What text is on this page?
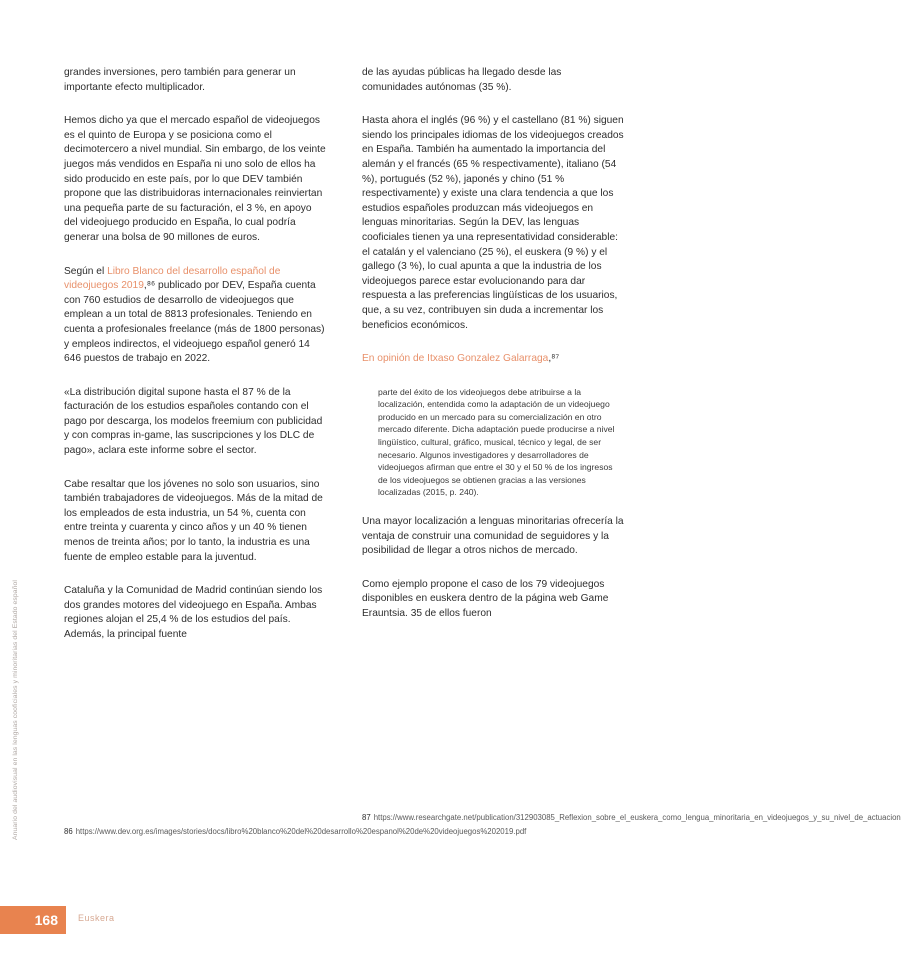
Anuario del audiovisual en las lenguas cooficiales y minoritarias del Estado español

grandes inversiones, pero también para generar un importante efecto multiplicador.

Hemos dicho ya que el mercado español de videojuegos es el quinto de Europa y se posiciona como el decimotercero a nivel mundial. Sin embargo, de los veinte juegos más vendidos en España ni uno solo de ellos ha sido producido en este país, por lo que DEV también propone que las distribuidoras internacionales reinviertan una pequeña parte de su facturación, el 3 %, en apoyo del videojuego producido en España, lo cual podría generar una bolsa de 90 millones de euros.

Según el Libro Blanco del desarrollo español de videojuegos 2019,⁸⁶ publicado por DEV, España cuenta con 760 estudios de desarrollo de videojuegos que emplean a un total de 8813 profesionales. Teniendo en cuenta a profesionales freelance (más de 1800 personas) y empleos indirectos, el videojuego español generó 14 646 puestos de trabajo en 2022.

«La distribución digital supone hasta el 87 % de la facturación de los estudios españoles contando con el pago por descarga, los modelos freemium con publicidad y con compras in-game, las suscripciones y los DLC de pago», aclara este informe sobre el sector.

Cabe resaltar que los jóvenes no solo son usuarios, sino también trabajadores de videojuegos. Más de la mitad de los empleados de esta industria, un 54 %, cuenta con entre treinta y cuarenta y cinco años y un 40 % tienen menos de treinta años; por lo tanto, la industria es una fuente de empleo estable para la juventud.

Cataluña y la Comunidad de Madrid continúan siendo los dos grandes motores del videojuego en España. Ambas regiones alojan el 25,4 % de los estudios del país. Además, la principal fuente

de las ayudas públicas ha llegado desde las comunidades autónomas (35 %).

Hasta ahora el inglés (96 %) y el castellano (81 %) siguen siendo los principales idiomas de los videojuegos creados en España. También ha aumentado la importancia del alemán y el francés (65 % respectivamente), italiano (54 %), portugués (52 %), japonés y chino (51 % respectivamente) y existe una clara tendencia a que los estudios españoles produzcan más videojuegos en lenguas minoritarias. Según la DEV, las lenguas cooficiales tienen ya una representatividad considerable: el catalán y el valenciano (25 %), el euskera (9 %) y el gallego (3 %), lo cual apunta a que la industria de los videojuegos parece estar evolucionando para dar respuesta a las preferencias lingüísticas de los usuarios, que, a su vez, contribuyen sin duda a incrementar los beneficios económicos.

En opinión de Itxaso Gonzalez Galarraga,⁸⁷

parte del éxito de los videojuegos debe atribuirse a la localización, entendida como la adaptación de un videojuego producido en un mercado para su comercialización en otro mercado diferente. Dicha adaptación puede producirse a nivel lingüístico, cultural, gráfico, musical, técnico y legal, de ser necesario. Algunos investigadores y desarrolladores de videojuegos afirman que entre el 30 y el 50 % de los ingresos de los videojuegos se obtienen gracias a las versiones localizadas (2015, p. 240).

Una mayor localización a lenguas minoritarias ofrecería la ventaja de construir una comunidad de seguidores y la posibilidad de llegar a otros nichos de mercado.

Como ejemplo propone el caso de los 79 videojuegos disponibles en euskera dentro de la página web Game Erauntsia. 35 de ellos fueron

86 https://www.dev.org.es/images/stories/docs/libro%20blanco%20del%20desarrollo%20espanol%20de%20videojuegos%202019.pdf
87 https://www.researchgate.net/publication/312903085_Reflexion_sobre_el_euskera_como_lengua_minoritaria_en_videojuegos_y_su_nivel_de_actuacion
168	Euskera
